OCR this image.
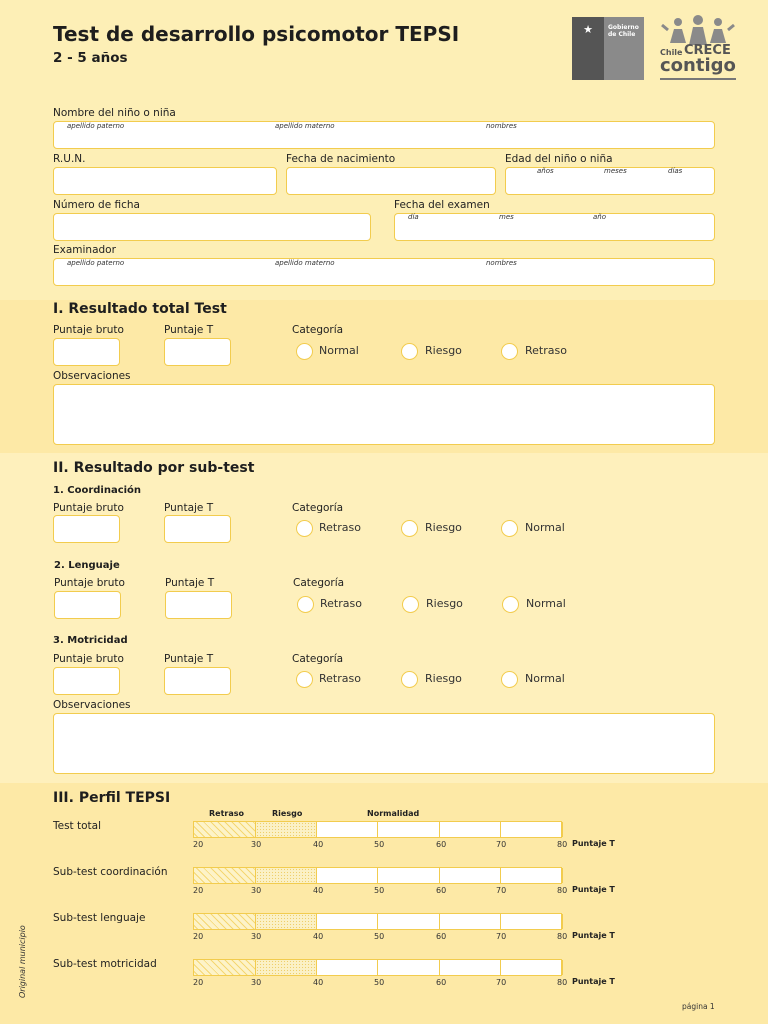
Test de desarrollo psicomotor TEPSI
2 - 5 años
★	Gobierno
de Chile
Chile CRECE
contigo
Nombre del niño o niña
apellido paterno	apellido materno	nombres
R.U.N.	Fecha de nacimiento	Edad del niño o niña
años	meses	días
Número de ficha	Fecha del examen
día	mes	año
Examinador
apellido paterno	apellido materno	nombres
I. Resultado total Test
Puntaje bruto	Puntaje T	Categoría
Normal	Riesgo	Retraso
Observaciones
II. Resultado por sub-test
1. Coordinación
Puntaje bruto	Puntaje T	Categoría
Retraso	Riesgo	Normal
2. Lenguaje
Puntaje bruto	Puntaje T	Categoría
Retraso	Riesgo	Normal
3. Motricidad
Puntaje bruto	Puntaje T	Categoría
Retraso	Riesgo	Normal
Observaciones
III. Perfil TEPSI
Retraso	Riesgo	Normalidad
Test total
20	30	40	50	60	70	80 Puntaje T
Sub-test coordinación
20	30	40	50	60	70	80 Puntaje T
Sub-test lenguaje
20	30	40	50	60	70	80 Puntaje T
Sub-test motricidad
20	30	40	50	60	70	80 Puntaje T
Original municipio
página 1
